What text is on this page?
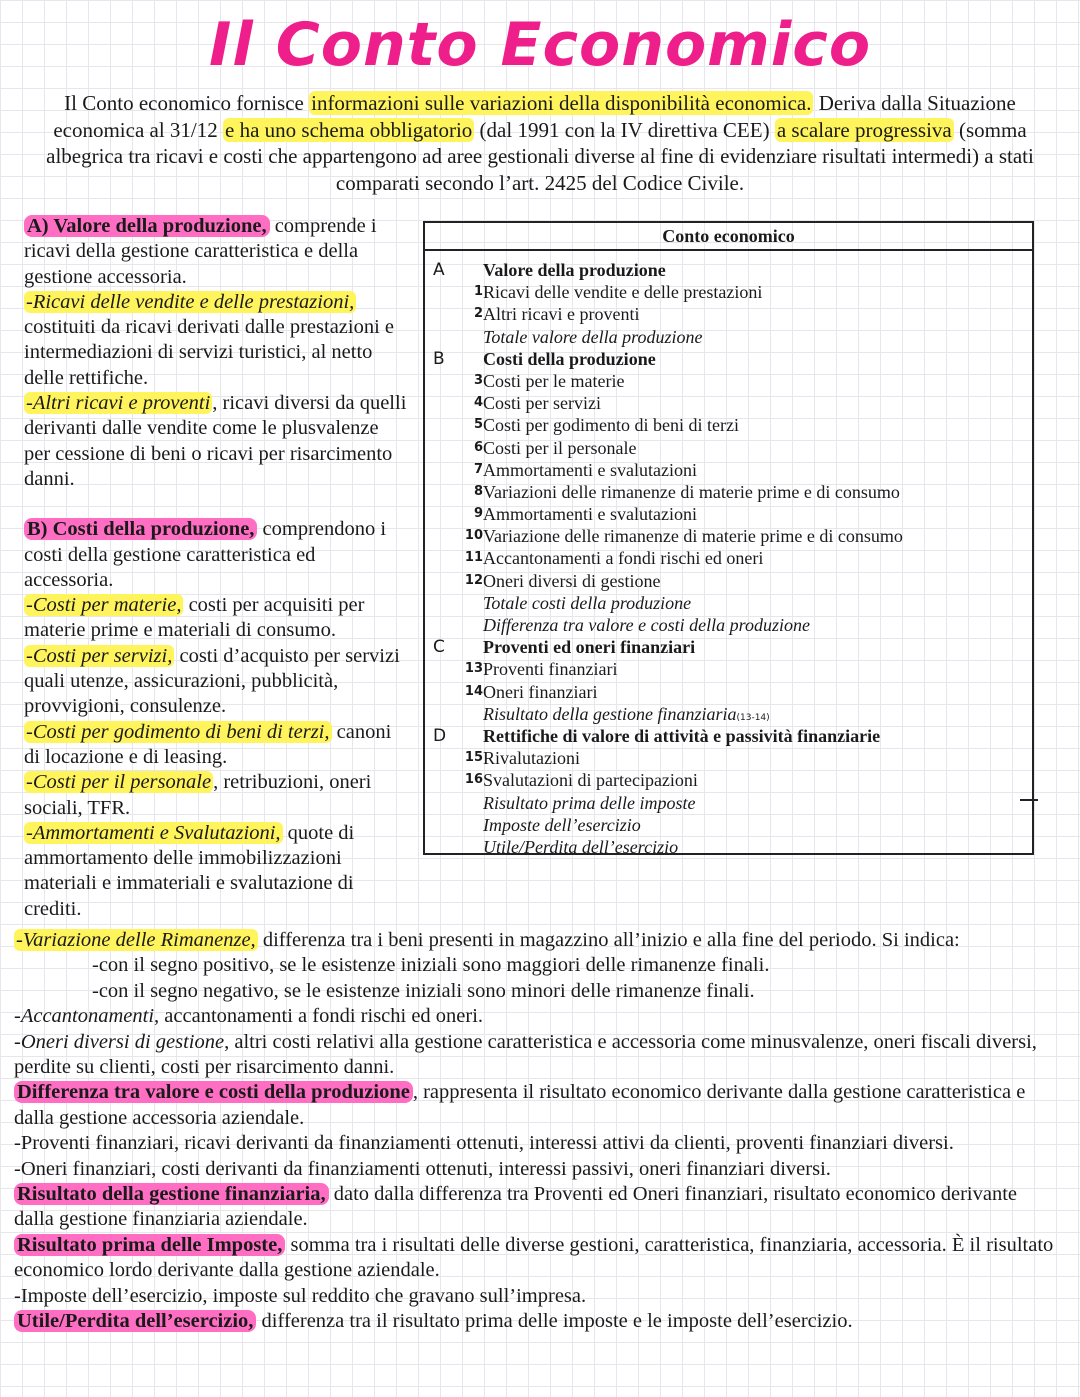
Il Conto Economico
Il Conto economico fornisce informazioni sulle variazioni della disponibilità economica. Deriva dalla Situazione economica al 31/12 e ha uno schema obbligatorio (dal 1991 con la IV direttiva CEE) a scalare progressiva (somma albegrica tra ricavi e costi che appartengono ad aree gestionali diverse al fine di evidenziare risultati intermedi) a stati comparati secondo l’art. 2425 del Codice Civile.

A) Valore della produzione, comprende i ricavi della gestione caratteristica e della gestione accessoria.

-Ricavi delle vendite e delle prestazioni, costituiti da ricavi derivati dalle prestazioni e intermediazioni di servizi turistici, al netto delle rettifiche.

-Altri ricavi e proventi, ricavi diversi da quelli derivanti dalle vendite come le plusvalenze per cessione di beni o ricavi per risarcimento danni.

B) Costi della produzione, comprendono i costi della gestione caratteristica ed accessoria.

-Costi per materie, costi per acquisiti per materie prime e materiali di consumo.

-Costi per servizi, costi d’acquisto per servizi quali utenze, assicurazioni, pubblicità, provvigioni, consulenze.

-Costi per godimento di beni di terzi, canoni di locazione e di leasing.

-Costi per il personale, retribuzioni, oneri sociali, TFR.

-Ammortamenti e Svalutazioni, quote di ammortamento delle immobilizzazioni materiali e immateriali e svalutazione di crediti.

Conto economico
A Valore della produzione
1 Ricavi delle vendite e delle prestazioni
2 Altri ricavi e proventi
Totale valore della produzione
B Costi della produzione
3 Costi per le materie
4 Costi per servizi
5 Costi per godimento di beni di terzi
6 Costi per il personale
7 Ammortamenti e svalutazioni
8 Variazioni delle rimanenze di materie prime e di consumo
9 Ammortamenti e svalutazioni
10 Variazione delle rimanenze di materie prime e di consumo
11 Accantonamenti a fondi rischi ed oneri
12 Oneri diversi di gestione
Totale costi della produzione
Differenza tra valore e costi della produzione
C Proventi ed oneri finanziari
13 Proventi finanziari
14 Oneri finanziari
Risultato della gestione finanziaria(13-14)
D Rettifiche di valore di attività e passività finanziarie
15 Rivalutazioni
16 Svalutazioni di partecipazioni
Risultato prima delle imposte
Imposte dell’esercizio
Utile/Perdita dell’esercizio

-Variazione delle Rimanenze, differenza tra i beni presenti in magazzino all’inizio e alla fine del periodo. Si indica:

-con il segno positivo, se le esistenze iniziali sono maggiori delle rimanenze finali.

-con il segno negativo, se le esistenze iniziali sono minori delle rimanenze finali.

-Accantonamenti, accantonamenti a fondi rischi ed oneri.

-Oneri diversi di gestione, altri costi relativi alla gestione caratteristica e accessoria come minusvalenze, oneri fiscali diversi, perdite su clienti, costi per risarcimento danni.

Differenza tra valore e costi della produzione , rappresenta il risultato economico derivante dalla gestione caratteristica e dalla gestione accessoria aziendale.

-Proventi finanziari, ricavi derivanti da finanziamenti ottenuti, interessi attivi da clienti, proventi finanziari diversi.

-Oneri finanziari, costi derivanti da finanziamenti ottenuti, interessi passivi, oneri finanziari diversi.

Risultato della gestione finanziaria, dato dalla differenza tra Proventi ed Oneri finanziari, risultato economico derivante dalla gestione finanziaria aziendale.

Risultato prima delle Imposte, somma tra i risultati delle diverse gestioni, caratteristica, finanziaria, accessoria. È il risultato economico lordo derivante dalla gestione aziendale.

-Imposte dell’esercizio, imposte sul reddito che gravano sull’impresa.

Utile/Perdita dell’esercizio, differenza tra il risultato prima delle imposte e le imposte dell’esercizio.
